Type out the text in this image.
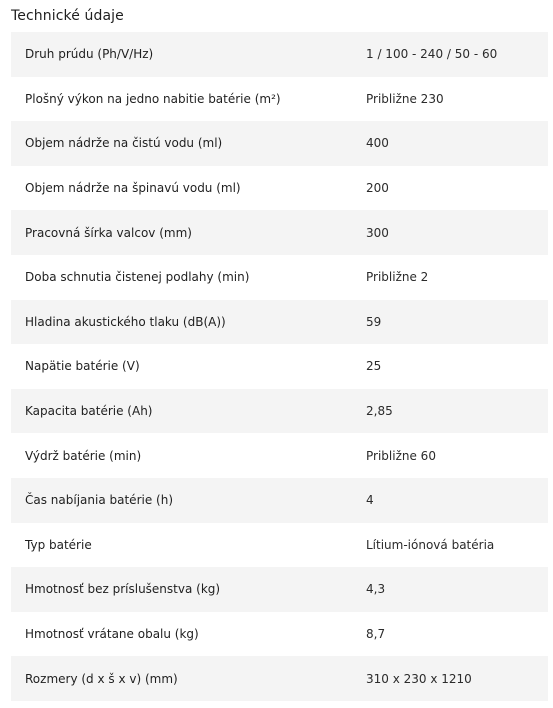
Technické údaje
Druh prúdu (Ph/V/Hz)	1 / 100 - 240 / 50 - 60
Plošný výkon na jedno nabitie batérie (m²)	Približne 230
Objem nádrže na čistú vodu (ml)	400
Objem nádrže na špinavú vodu (ml)	200
Pracovná šírka valcov (mm)	300
Doba schnutia čistenej podlahy (min)	Približne 2
Hladina akustického tlaku (dB(A))	59
Napätie batérie (V)	25
Kapacita batérie (Ah)	2,85
Výdrž batérie (min)	Približne 60
Čas nabíjania batérie (h)	4
Typ batérie	Lítium-iónová batéria
Hmotnosť bez príslušenstva (kg)	4,3
Hmotnosť vrátane obalu (kg)	8,7
Rozmery (d x š x v) (mm)	310 x 230 x 1210
